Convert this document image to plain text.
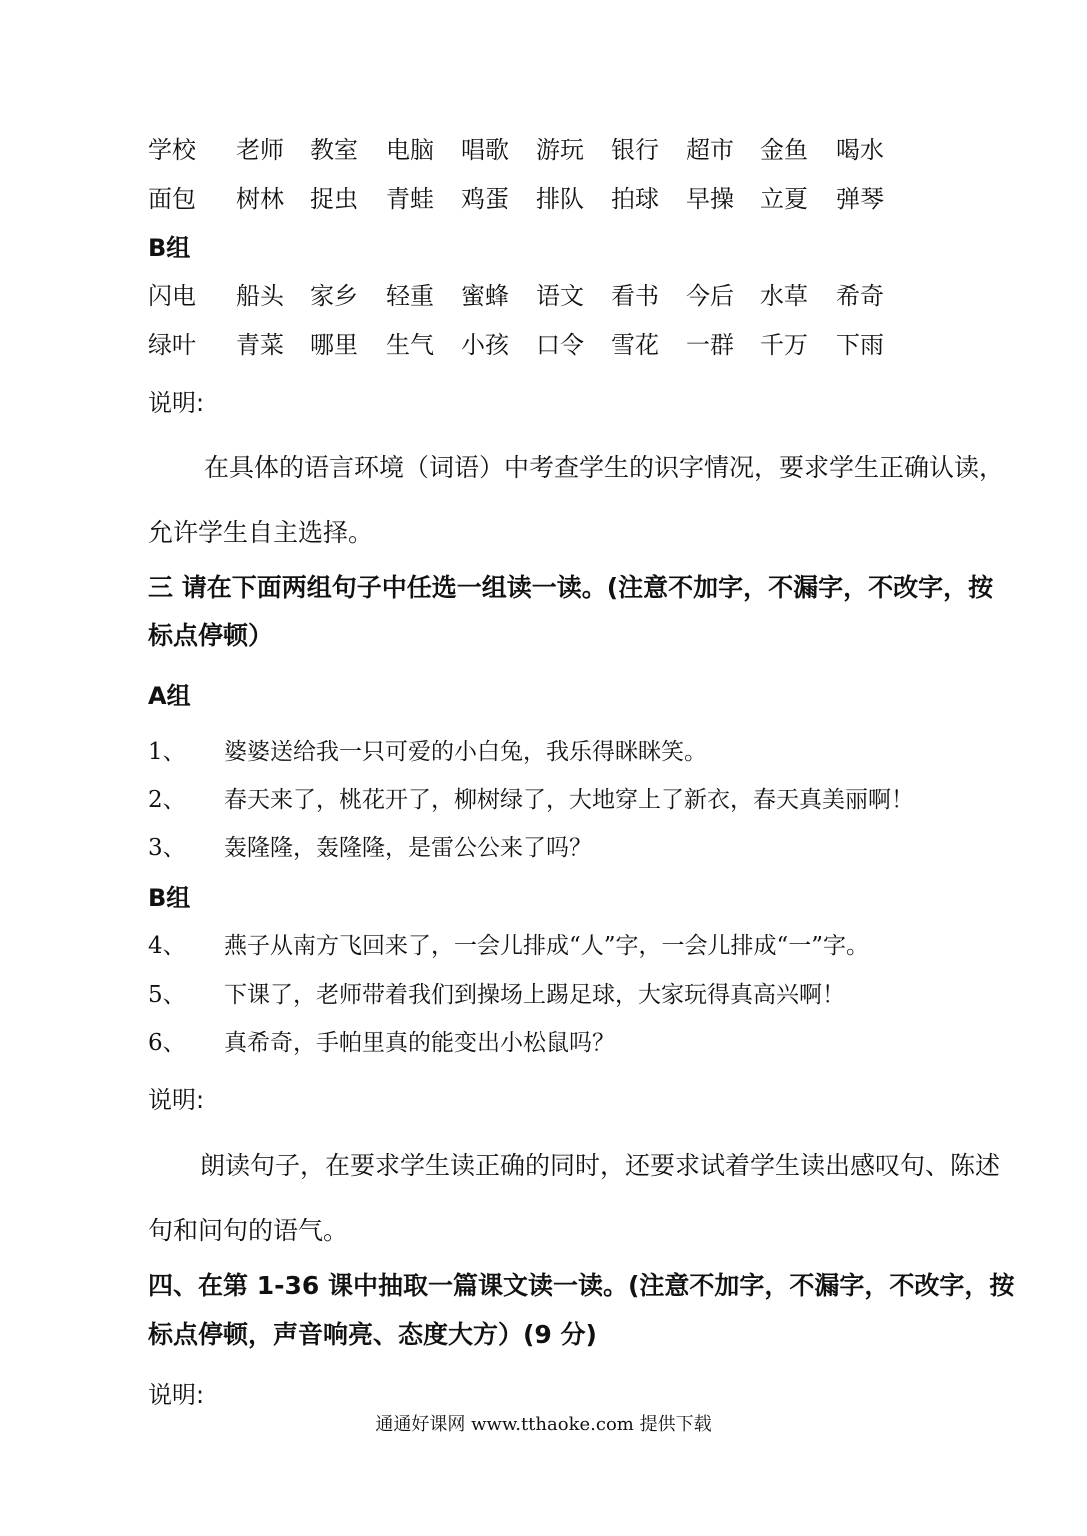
学校 老师 教室 电脑 唱歌 游玩 银行 超市 金鱼 喝水
面包 树林 捉虫 青蛙 鸡蛋 排队 拍球 早操 立夏 弹琴
B组
闪电 船头 家乡 轻重 蜜蜂 语文 看书 今后 水草 希奇
绿叶 青菜 哪里 生气 小孩 口令 雪花 一群 千万 下雨
说明:
在具体的语言环境（词语）中考查学生的识字情况，要求学生正确认读，
允许学生自主选择。
三 请在下面两组句子中任选一组读一读。(注意不加字，不漏字，不改字，按
标点停顿）
A组
1、 婆婆送给我一只可爱的小白兔，我乐得眯眯笑。
2、 春天来了，桃花开了，柳树绿了，大地穿上了新衣，春天真美丽啊！
3、 轰隆隆，轰隆隆，是雷公公来了吗？
B组
4、 燕子从南方飞回来了，一会儿排成“人”字，一会儿排成“一”字。
5、 下课了，老师带着我们到操场上踢足球，大家玩得真高兴啊！
6、 真希奇，手帕里真的能变出小松鼠吗？
说明:
朗读句子，在要求学生读正确的同时，还要求试着学生读出感叹句、陈述
句和问句的语气。
四、在第 1-36 课中抽取一篇课文读一读。(注意不加字，不漏字，不改字，按
标点停顿，声音响亮、态度大方）(9 分)
说明:
通通好课网 www.tthaoke.com 提供下载
